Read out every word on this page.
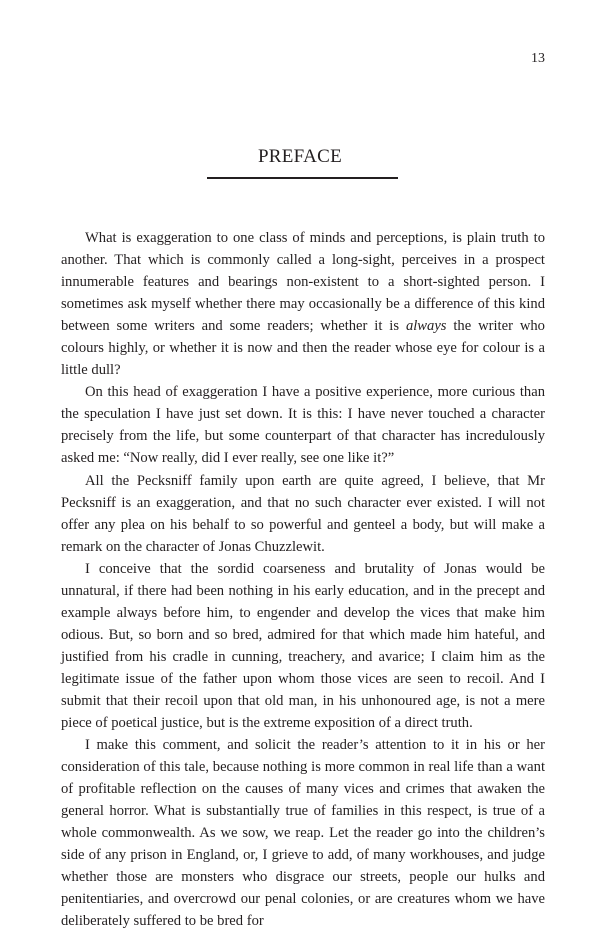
13
PREFACE

What is exaggeration to one class of minds and perceptions, is plain truth to another. That which is commonly called a long-sight, perceives in a prospect innumerable features and bearings non-existent to a short-sighted person. I sometimes ask myself whether there may occasionally be a difference of this kind between some writers and some readers; whether it is always the writer who colours highly, or whether it is now and then the reader whose eye for colour is a little dull?

On this head of exaggeration I have a positive experience, more curious than the speculation I have just set down. It is this: I have never touched a character precisely from the life, but some counterpart of that character has incredulously asked me: “Now really, did I ever really, see one like it?”

All the Pecksniff family upon earth are quite agreed, I believe, that Mr Pecksniff is an exaggeration, and that no such character ever existed. I will not offer any plea on his behalf to so powerful and genteel a body, but will make a remark on the character of Jonas Chuzzlewit.

I conceive that the sordid coarseness and brutality of Jonas would be unnatural, if there had been nothing in his early education, and in the precept and example always before him, to engender and develop the vices that make him odious. But, so born and so bred, admired for that which made him hateful, and justified from his cradle in cunning, treachery, and avarice; I claim him as the legitimate issue of the father upon whom those vices are seen to recoil. And I submit that their recoil upon that old man, in his unhonoured age, is not a mere piece of poetical justice, but is the extreme exposition of a direct truth.

I make this comment, and solicit the reader’s attention to it in his or her consideration of this tale, because nothing is more common in real life than a want of profitable reflection on the causes of many vices and crimes that awaken the general horror. What is substantially true of families in this respect, is true of a whole commonwealth. As we sow, we reap. Let the reader go into the children’s side of any prison in England, or, I grieve to add, of many workhouses, and judge whether those are monsters who disgrace our streets, people our hulks and penitentiaries, and overcrowd our penal colonies, or are creatures whom we have deliberately suffered to be bred for
